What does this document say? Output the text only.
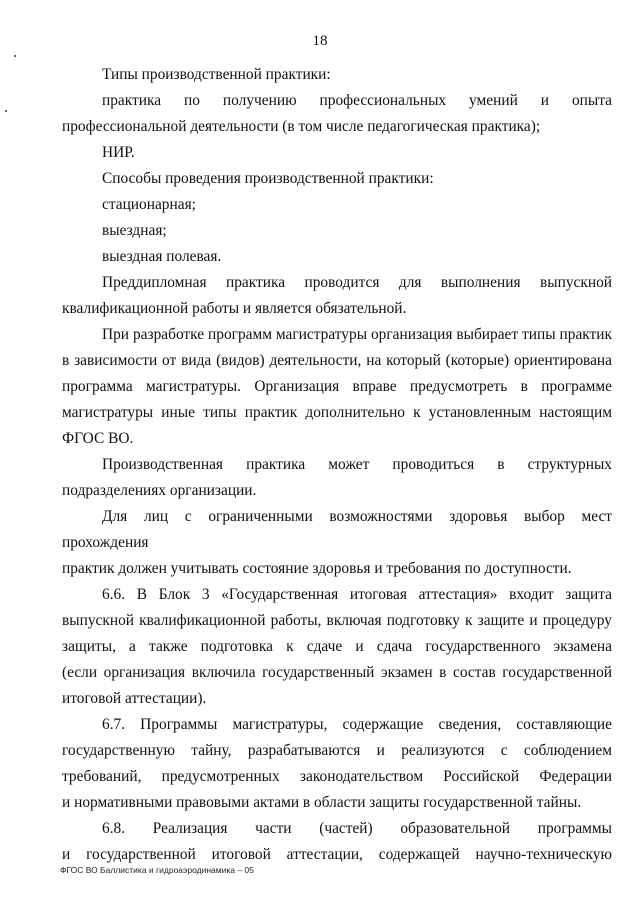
18
Типы производственной практики:
практика по получению профессиональных умений и опыта
профессиональной деятельности (в том числе педагогическая практика);
НИР.
Способы проведения производственной практики:
стационарная;
выездная;
выездная полевая.
Преддипломная практика проводится для выполнения выпускной
квалификационной работы и является обязательной.
При разработке программ магистратуры организация выбирает типы практик
в зависимости от вида (видов) деятельности, на который (которые) ориентирована
программа магистратуры. Организация вправе предусмотреть в программе
магистратуры иные типы практик дополнительно к установленным настоящим
ФГОС ВО.
Производственная практика может проводиться в структурных
подразделениях организации.
Для лиц с ограниченными возможностями здоровья выбор мест прохождения
практик должен учитывать состояние здоровья и требования по доступности.
6.6. В Блок 3 «Государственная итоговая аттестация» входит защита
выпускной квалификационной работы, включая подготовку к защите и процедуру
защиты, а также подготовка к сдаче и сдача государственного экзамена
(если организация включила государственный экзамен в состав государственной
итоговой аттестации).
6.7. Программы магистратуры, содержащие сведения, составляющие
государственную тайну, разрабатываются и реализуются с соблюдением
требований, предусмотренных законодательством Российской Федерации
и нормативными правовыми актами в области защиты государственной тайны.
6.8. Реализация части (частей) образовательной программы
и государственной итоговой аттестации, содержащей научно-техническую
ФГОС ВО Баллистика и гидроаэродинамика – 05
